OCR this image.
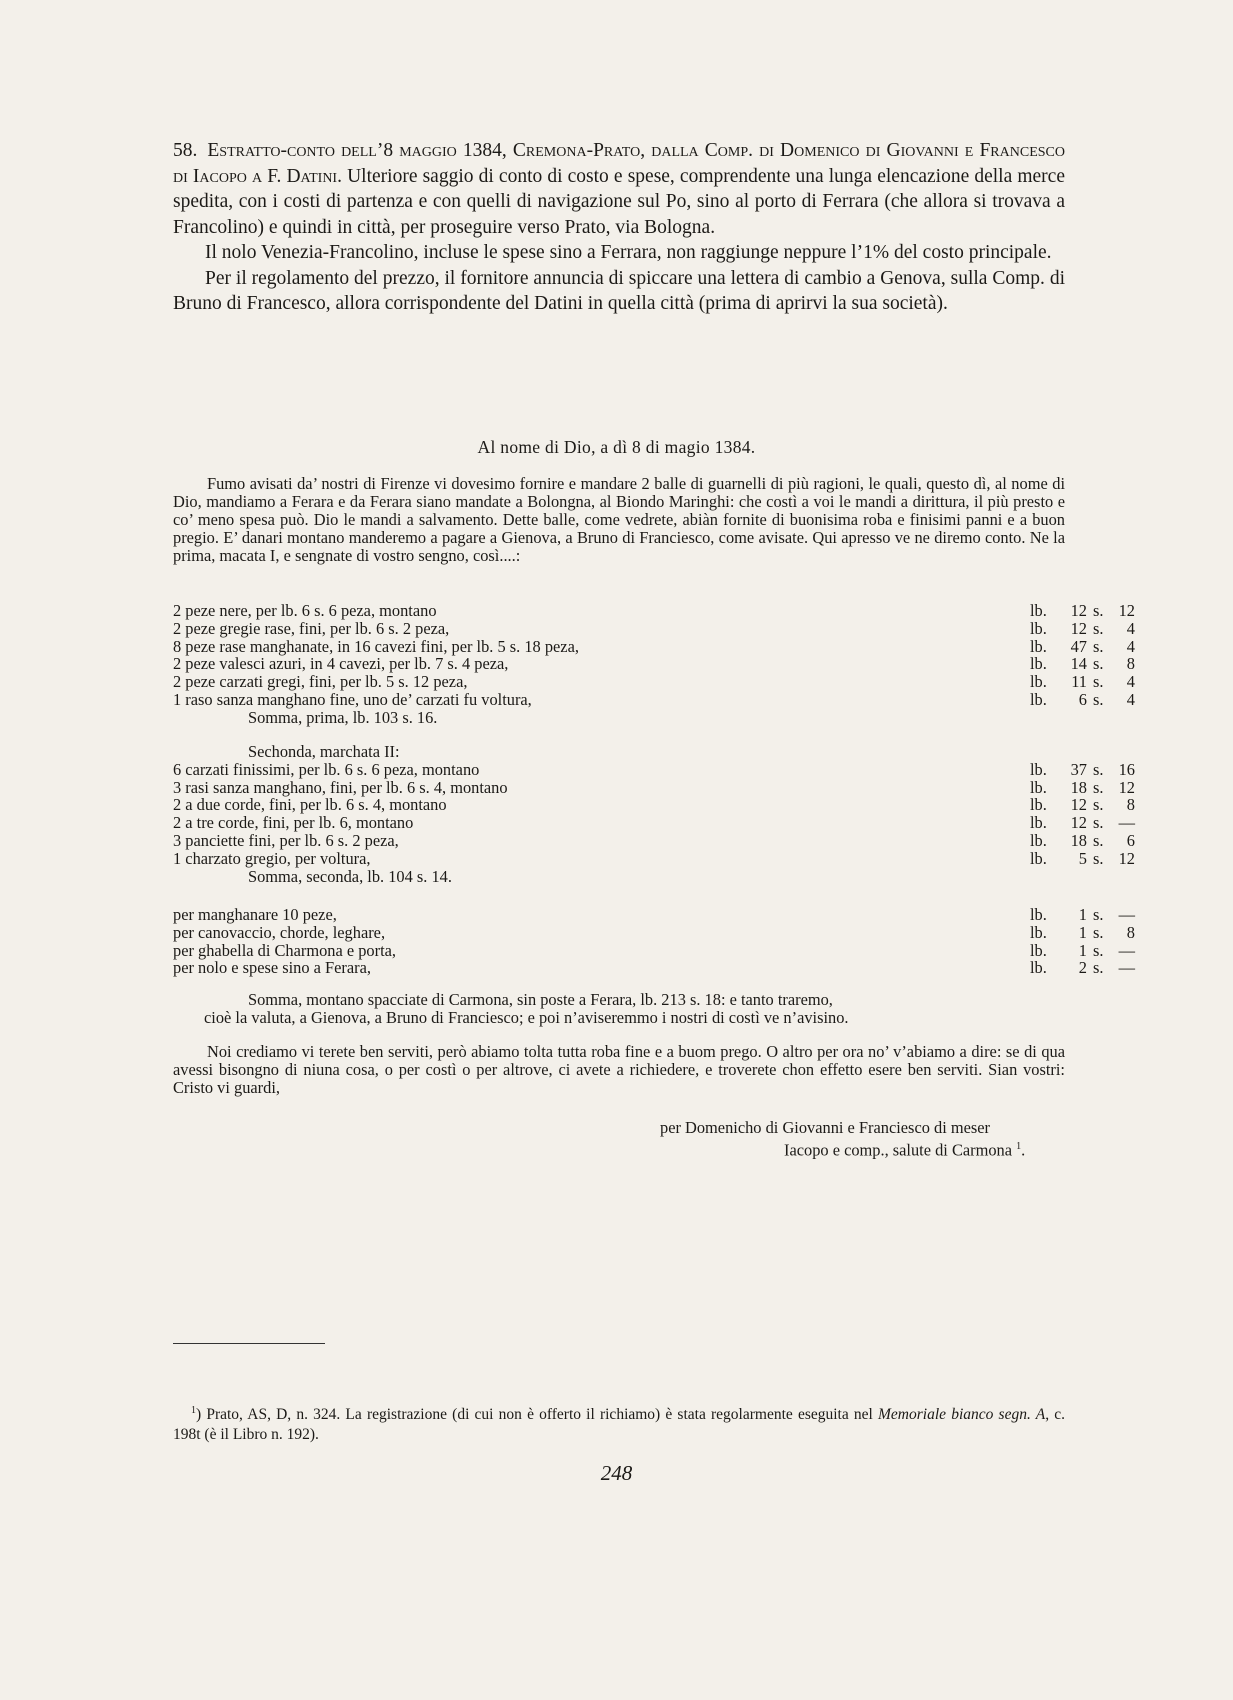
58. Estratto-conto dell’8 maggio 1384, Cremona-Prato, dalla Comp. di Domenico di Giovanni e Francesco di Iacopo a F. Datini. Ulteriore saggio di conto di costo e spese, comprendente una lunga elencazione della merce spedita, con i costi di partenza e con quelli di navigazione sul Po, sino al porto di Ferrara (che allora si trovava a Francolino) e quindi in città, per proseguire verso Prato, via Bologna.

Il nolo Venezia-Francolino, incluse le spese sino a Ferrara, non raggiunge neppure l’1% del costo principale.

Per il regolamento del prezzo, il fornitore annuncia di spiccare una lettera di cambio a Genova, sulla Comp. di Bruno di Francesco, allora corrispondente del Datini in quella città (prima di aprirvi la sua società).

Al nome di Dio, a dì 8 di magio 1384.

Fumo avisati da’ nostri di Firenze vi dovesimo fornire e mandare 2 balle di guarnelli di più ragioni, le quali, questo dì, al nome di Dio, mandiamo a Ferara e da Ferara siano mandate a Bolongna, al Biondo Maringhi: che costì a voi le mandi a dirittura, il più presto e co’ meno spesa può. Dio le mandi a salvamento. Dette balle, come vedrete, abiàn fornite di buonisima roba e finisimi panni e a buon pregio. E’ danari montano manderemo a pagare a Gienova, a Bruno di Franciesco, come avisate. Qui apresso ve ne diremo conto. Ne la prima, macata I, e sengnate di vostro sengno, così....:

2 peze nere, per lb. 6 s. 6 peza, montano	lb.	12 s. 12
2 peze gregie rase, fini, per lb. 6 s. 2 peza,	lb.	12 s.	4
8 peze rase manghanate, in 16 cavezi fini, per lb. 5 s. 18 peza,	lb.	47 s.	4
2 peze valesci azuri, in 4 cavezi, per lb. 7 s. 4 peza,	lb.	14 s.	8
2 peze carzati gregi, fini, per lb. 5 s. 12 peza,	lb.	11 s.	4
1 raso sanza manghano fine, uno de’ carzati fu voltura,	lb.	6 s.	4
Somma, prima, lb. 103 s. 16.
Sechonda, marchata II:
6 carzati finissimi, per lb. 6 s. 6 peza, montano	lb.	37 s. 16
3 rasi sanza manghano, fini, per lb. 6 s. 4, montano	lb.	18 s. 12
2 a due corde, fini, per lb. 6 s. 4, montano	lb.	12 s.	8
2 a tre corde, fini, per lb. 6, montano	lb.	12 s. —
3 panciette fini, per lb. 6 s. 2 peza,	lb.	18 s.	6
1 charzato gregio, per voltura,	lb.	5 s. 12
Somma, seconda, lb. 104 s. 14.
per manghanare 10 peze,	lb.	1 s. —
per canovaccio, chorde, leghare,	lb.	1 s.	8
per ghabella di Charmona e porta,	lb.	1 s. —
per nolo e spese sino a Ferara,	lb.	2 s. —

Somma, montano spacciate di Carmona, sin poste a Ferara, lb. 213 s. 18: e tanto traremo,

cioè la valuta, a Gienova, a Bruno di Franciesco; e poi n’aviseremmo i nostri di costì ve n’avisino.

Noi crediamo vi terete ben serviti, però abiamo tolta tutta roba fine e a buom prego. O altro per ora no’ v’abiamo a dire: se di qua avessi bisongno di niuna cosa, o per costì o per altrove, ci avete a richiedere, e troverete chon effetto esere ben serviti. Sian vostri: Cristo vi guardi,

per Domenicho di Giovanni e Franciesco di meser
Iacopo e comp., salute di Carmona $^1$.
$^1$) Prato, AS, D, n. 324. La registrazione (di cui non è offerto il richiamo) è stata regolarmente eseguita nel Memoriale bianco segn. A, c. 198t (è il Libro n. 192).
248
